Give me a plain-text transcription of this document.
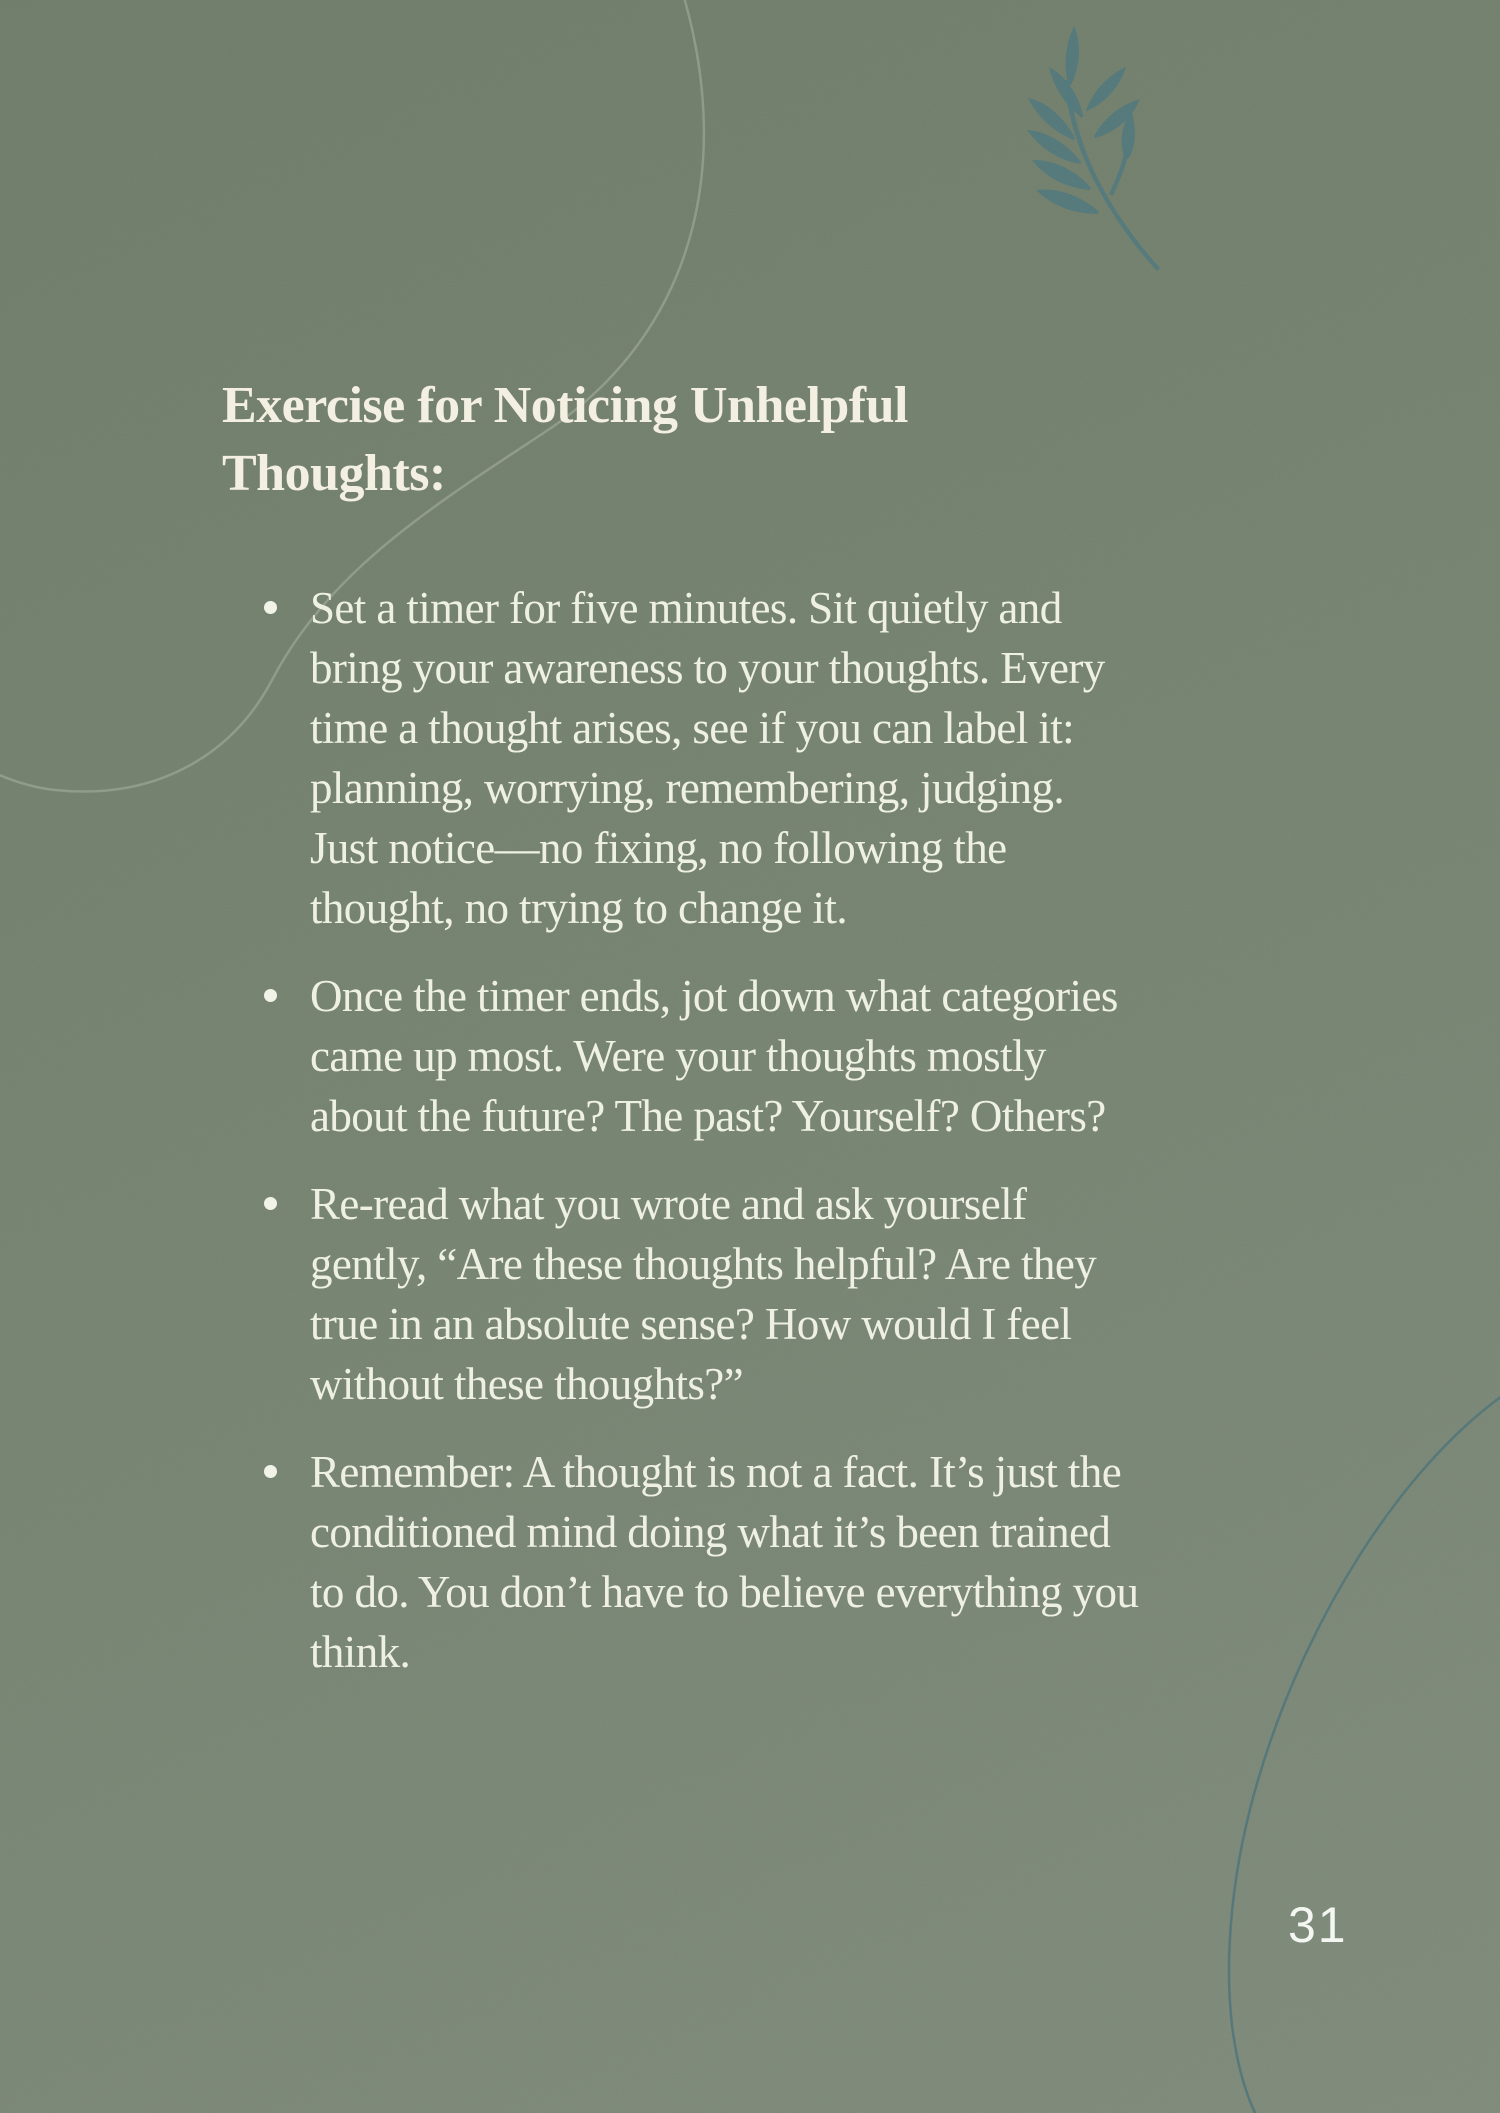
Exercise for Noticing Unhelpful
Thoughts:
Set a timer for five minutes. Sit quietly and
bring your awareness to your thoughts. Every
time a thought arises, see if you can label it:
planning, worrying, remembering, judging.
Just notice—no fixing, no following the
thought, no trying to change it.
Once the timer ends, jot down what categories
came up most. Were your thoughts mostly
about the future? The past? Yourself? Others?
Re-read what you wrote and ask yourself
gently, “Are these thoughts helpful? Are they
true in an absolute sense? How would I feel
without these thoughts?”
Remember: A thought is not a fact. It’s just the
conditioned mind doing what it’s been trained
to do. You don’t have to believe everything you
think.
31
